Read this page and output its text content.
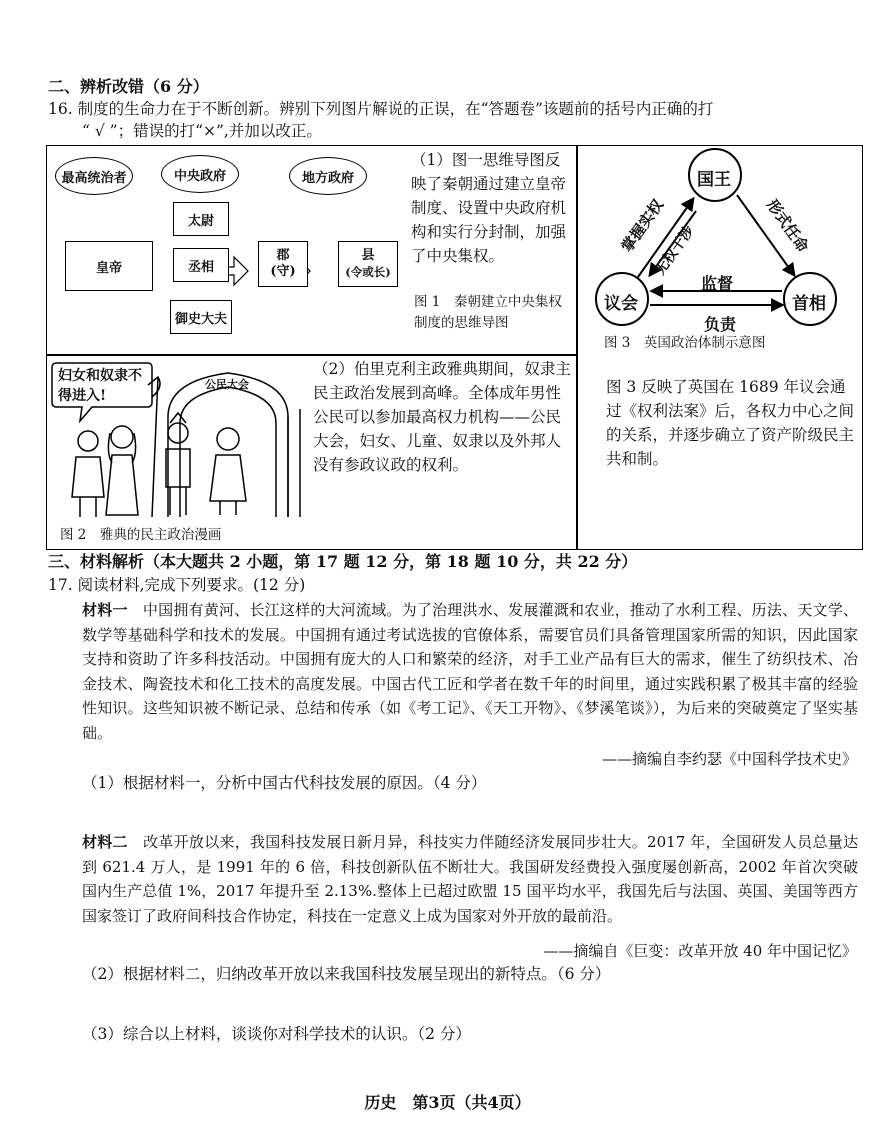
二、辨析改错（6 分）
16. 制度的生命力在于不断创新。辨别下列图片解说的正误，在“答题卷”该题前的括号内正确的打
“ √ ”；错误的打“×”,并加以改正。
最高统治者	中央政府	地方政府
太尉
皇帝	丞相
郡
(守)
县
(令或长)
御史大夫
（1）图一思维导图反映了秦朝通过建立皇帝制度、设置中央政府机构和实行分封制，加强了中央集权。
图 1　秦朝建立中央集权制度的思维导图
妇女和奴隶不得进入!
公民大会
（2）伯里克利主政雅典期间，奴隶主民主政治发展到高峰。全体成年男性公民可以参加最高权力机构——公民大会，妇女、儿童、奴隶以及外邦人没有参政议政的权利。
图 2　雅典的民主政治漫画
国王
议会	首相
掌握实权
无权干涉	形式任命
监督
负责
图 3　英国政治体制示意图
图 3 反映了英国在 1689 年议会通过《权利法案》后，各权力中心之间的关系，并逐步确立了资产阶级民主共和制。
三、材料解析（本大题共 2 小题，第 17 题 12 分，第 18 题 10 分，共 22 分）
17. 阅读材料,完成下列要求。(12 分)
材料一　 中国拥有黄河、长江这样的大河流域。为了治理洪水、发展灌溉和农业，推动了水利工程、历法、天文学、数学等基础科学和技术的发展。中国拥有通过考试选拔的官僚体系，需要官员们具备管理国家所需的知识，因此国家支持和资助了许多科技活动。中国拥有庞大的人口和繁荣的经济，对手工业产品有巨大的需求，催生了纺织技术、冶金技术、陶瓷技术和化工技术的高度发展。中国古代工匠和学者在数千年的时间里，通过实践积累了极其丰富的经验性知识。这些知识被不断记录、总结和传承（如《考工记》、《天工开物》、《梦溪笔谈》），为后来的突破奠定了坚实基础。
——摘编自李约瑟《中国科学技术史》
（1）根据材料一，分析中国古代科技发展的原因。（4 分）
材料二　 改革开放以来，我国科技发展日新月异，科技实力伴随经济发展同步壮大。2017 年，全国研发人员总量达到 621.4 万人，是 1991 年的 6 倍，科技创新队伍不断壮大。我国研发经费投入强度屡创新高，2002 年首次突破国内生产总值 1%，2017 年提升至 2.13%.整体上已超过欧盟 15 国平均水平，我国先后与法国、英国、美国等西方国家签订了政府间科技合作协定，科技在一定意义上成为国家对外开放的最前沿。
——摘编自《巨变：改革开放 40 年中国记忆》
（2）根据材料二，归纳改革开放以来我国科技发展呈现出的新特点。（6 分）
（3）综合以上材料，谈谈你对科学技术的认识。（2 分）
历史　第3页（共4页）
